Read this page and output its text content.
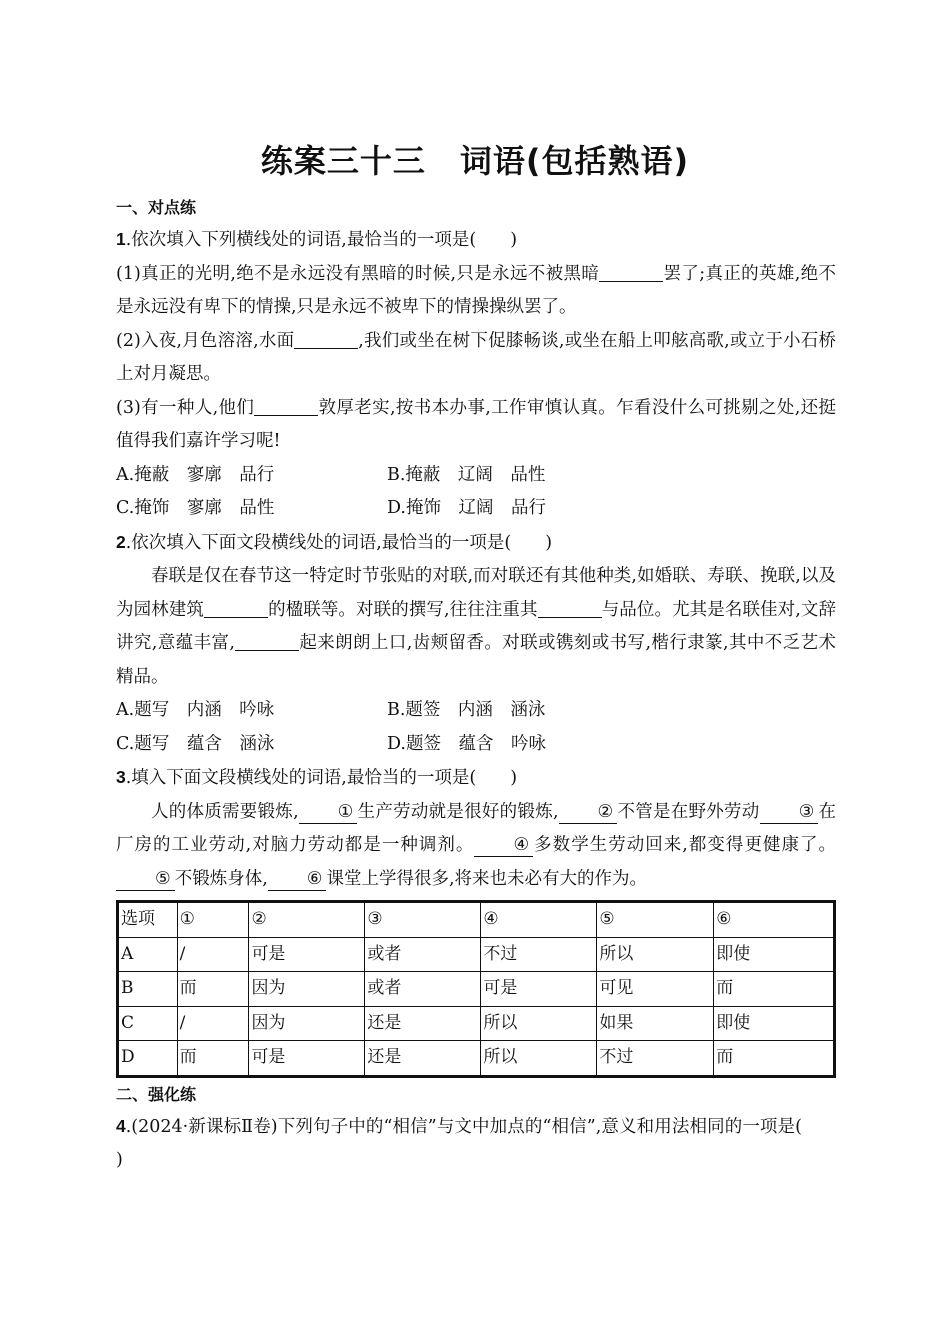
练案三十三 词语(包括熟语)
一、对点练

1.依次填入下列横线处的词语,最恰当的一项是( )

(1)真正的光明,绝不是永远没有黑暗的时候,只是永远不被黑暗	罢了;真正的英雄,绝不是永远没有卑下的情操,只是永远不被卑下的情操操纵罢了。

(2)入夜,月色溶溶,水面	,我们或坐在树下促膝畅谈,或坐在船上叩舷高歌,或立于小石桥上对月凝思。

(3)有一种人,他们	敦厚老实,按书本办事,工作审慎认真。乍看没什么可挑剔之处,还挺值得我们嘉许学习呢!

A.掩蔽　寥廓　品行	B.掩蔽　辽阔　品性
C.掩饰　寥廓　品性	D.掩饰　辽阔　品行

2.依次填入下面文段横线处的词语,最恰当的一项是( )

春联是仅在春节这一特定时节张贴的对联,而对联还有其他种类,如婚联、寿联、挽联,以及为园林建筑	的楹联等。对联的撰写,往往注重其	与品位。尤其是名联佳对,文辞讲究,意蕴丰富,	起来朗朗上口,齿颊留香。对联或镌刻或书写,楷行隶篆,其中不乏艺术精品。

A.题写　内涵　吟咏	B.题签　内涵　涵泳
C.题写　蕴含　涵泳	D.题签　蕴含　吟咏

3.填入下面文段横线处的词语,最恰当的一项是( )

人的体质需要锻炼, ① 生产劳动就是很好的锻炼, ② 不管是在野外劳动 ③ 在厂房的工业劳动,对脑力劳动都是一种调剂。 ④ 多数学生劳动回来,都变得更健康了。⑤ 不锻炼身体, ⑥ 课堂上学得很多,将来也未必有大的作为。

选项	①	②	③	④	⑤	⑥
A	/	可是	或者	不过	所以	即使
B	而	因为	或者	可是	可见	而
C	/	因为	还是	所以	如果	即使
D	而	可是	还是	所以	不过	而
二、强化练

4.(2024·新课标Ⅱ卷)下列句子中的“相信”与文中加点的“相信”,意义和用法相同的一项是()
